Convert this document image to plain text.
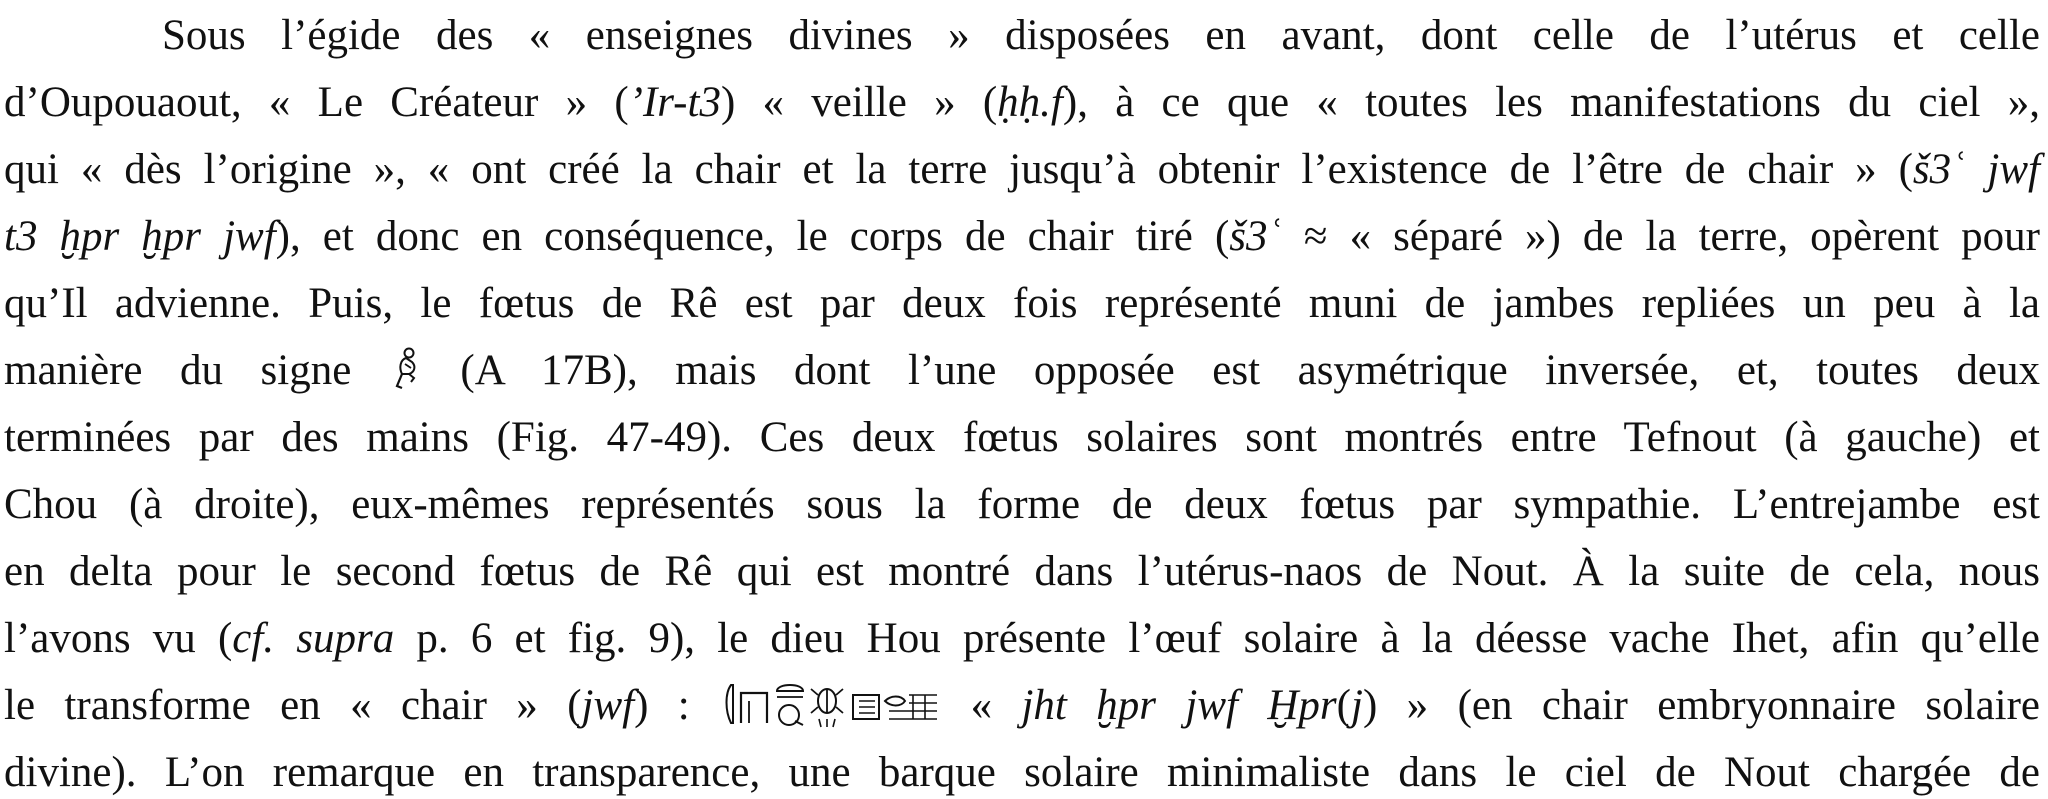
Sous l’égide des « enseignes divines » disposées en avant, dont celle de l’utérus et celle
d’Oupouaout, « Le Créateur » (’Ir-t3) « veille » (ḥḥ.f), à ce que « toutes les manifestations du ciel »,
qui « dès l’origine », « ont créé la chair et la terre jusqu’à obtenir l’existence de l’être de chair » (š3ʿ jwf
t3 ḫpr ḫpr jwf), et donc en conséquence, le corps de chair tiré (š3ʿ ≈ « séparé ») de la terre, opèrent pour
qu’Il advienne. Puis, le fœtus de Rê est par deux fois représenté muni de jambes repliées un peu à la
manière du signe	(A 17B), mais dont l’une opposée est asymétrique inversée, et, toutes deux
terminées par des mains (Fig. 47-49). Ces deux fœtus solaires sont montrés entre Tefnout (à gauche) et
Chou (à droite), eux-mêmes représentés sous la forme de deux fœtus par sympathie. L’entrejambe est
en delta pour le second fœtus de Rê qui est montré dans l’utérus-naos de Nout. À la suite de cela, nous
l’avons vu (cf. supra p. 6 et fig. 9), le dieu Hou présente l’œuf solaire à la déesse vache Ihet, afin qu’elle
le transforme en « chair » (jwf) :	« jht ḫpr jwf Ḫpr(j) » (en chair embryonnaire solaire
divine). L’on remarque en transparence, une barque solaire minimaliste dans le ciel de Nout chargée de
